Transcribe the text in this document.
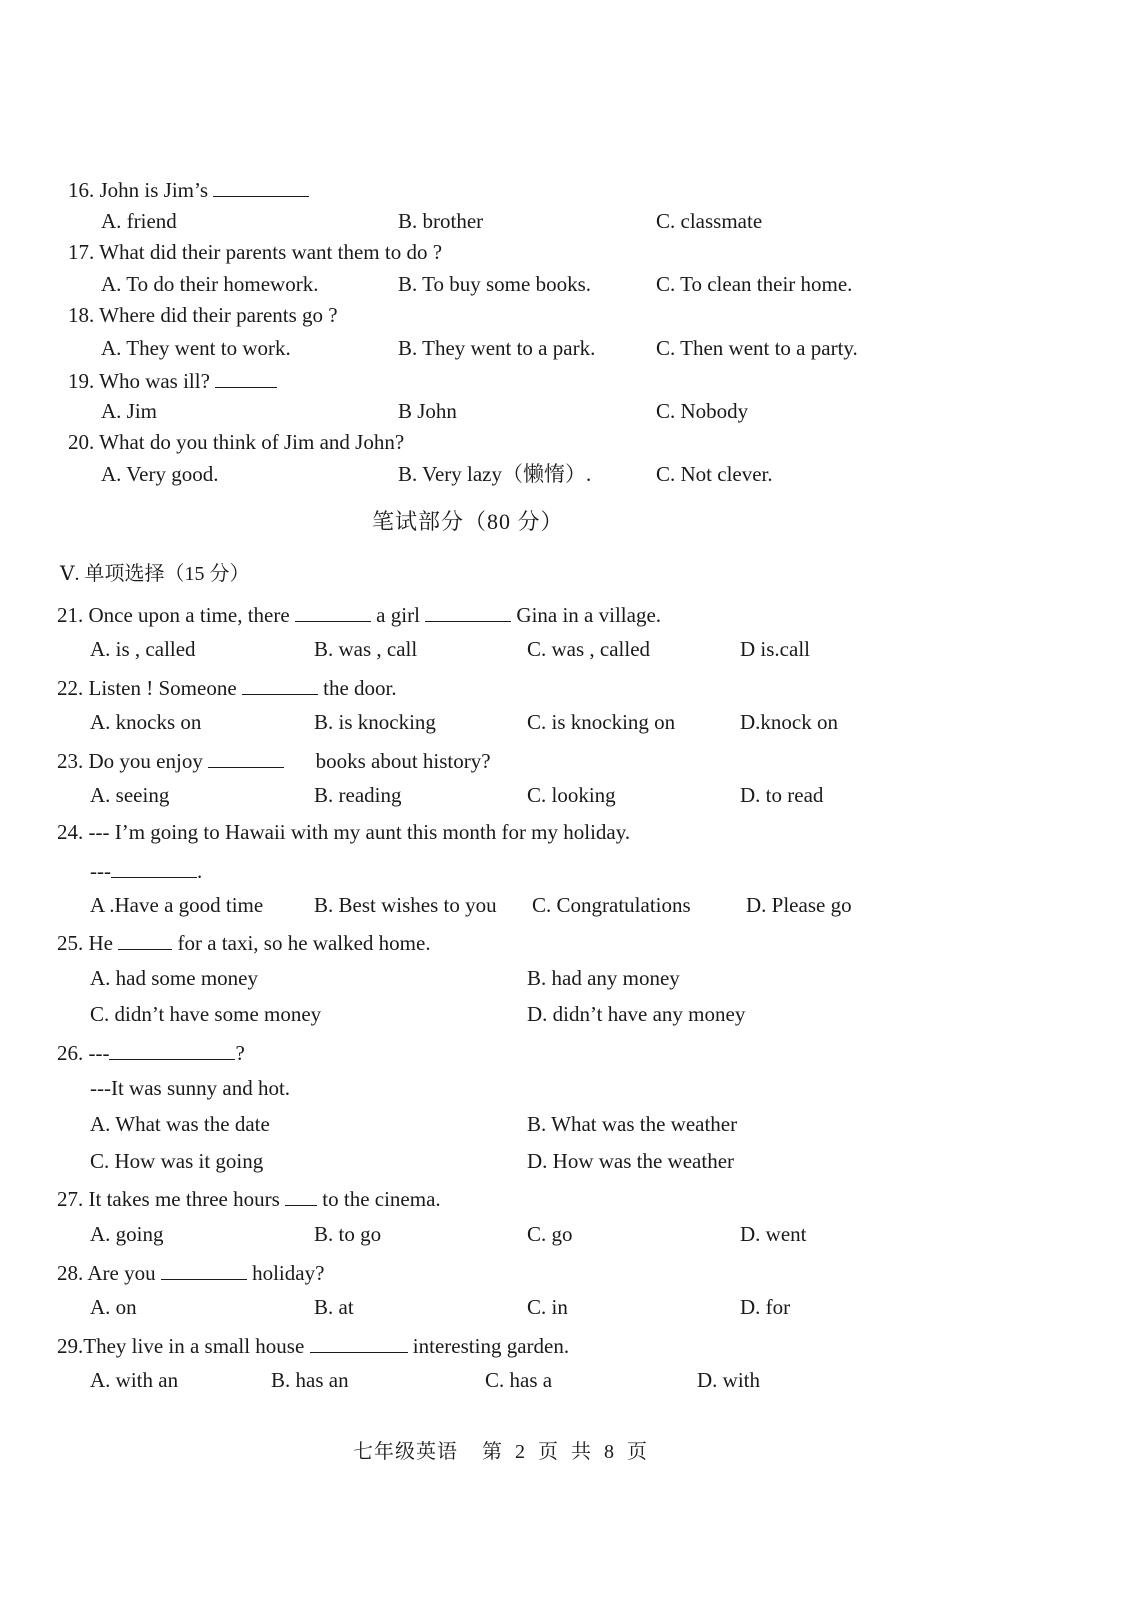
16. John is Jim’s
A. friend	B. brother	C. classmate
17. What did their parents want them to do ?
A. To do their homework.	B. To buy some books.	C. To clean their home.
18. Where did their parents go ?
A. They went to work.	B. They went to a park.	C. Then went to a party.
19. Who was ill?
A. Jim	B John	C. Nobody
20. What do you think of Jim and John?
A. Very good.	B. Very lazy（懒惰）.	C. Not clever.
笔试部分（80 分）
Ⅴ. 单项选择（15 分）
21. Once upon a time, there	a girl	Gina in a village.
A. is , called	B. was , call	C. was , called	D is.call
22. Listen ! Someone	the door.
A. knocks on	B. is knocking	C. is knocking on	D.knock on
23. Do you enjoy	books about history?
A. seeing	B. reading	C. looking	D. to read
24. --- I’m going to Hawaii with my aunt this month for my holiday.
---	.
A .Have a good time B. Best wishes to you C. Congratulations	D. Please go
25. He	for a taxi, so he walked home.
A. had some money	B. had any money
C. didn’t have some money	D. didn’t have any money
26. ---	?
---It was sunny and hot.
A. What was the date	B. What was the weather
C. How was it going	D. How was the weather
27. It takes me three hours  to the cinema.
A. going	B. to go	C. go	D. went
28. Are you	holiday?
A. on	B. at	C. in	D. for
29.They live in a small house	interesting garden.
A. with an	B. has an	C. has a	D. with
七年级英语    第  2  页  共  8  页
